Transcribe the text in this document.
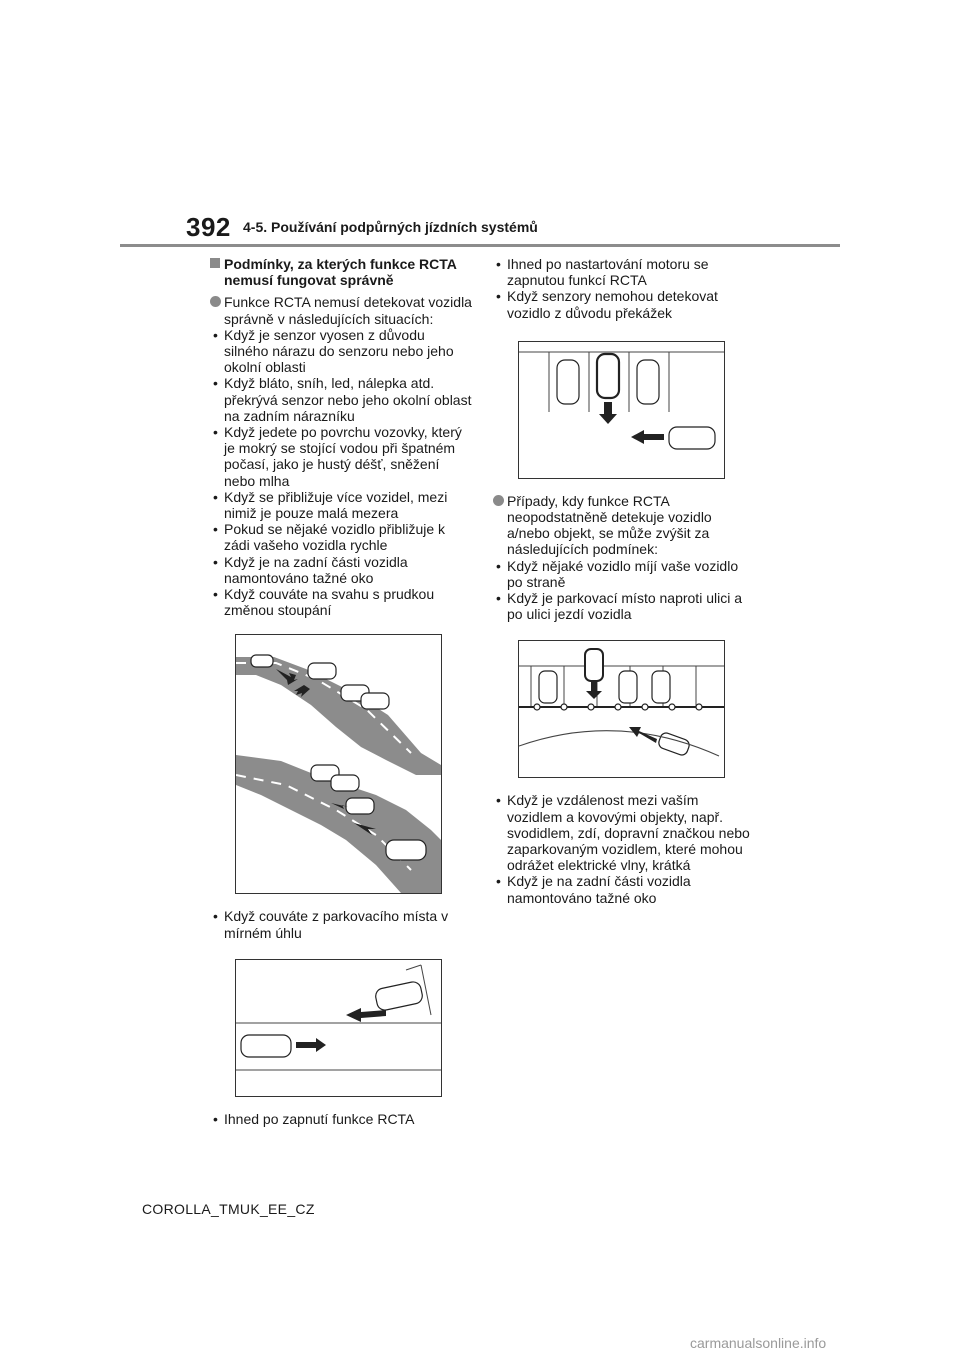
392 4-5. Používání podpůrných jízdních systémů
Podmínky, za kterých funkce RCTA nemusí fungovat správně
Funkce RCTA nemusí detekovat vozidla správně v následujících situacích:
• Když je senzor vyosen z důvodu silného nárazu do senzoru nebo jeho okolní oblasti
• Když bláto, sníh, led, nálepka atd. překrývá senzor nebo jeho okolní oblast na zadním nárazníku
• Když jedete po povrchu vozovky, který je mokrý se stojící vodou při špatném počasí, jako je hustý déšť, sněžení nebo mlha
• Když se přibližuje více vozidel, mezi nimiž je pouze malá mezera
• Pokud se nějaké vozidlo přibližuje k zádi vašeho vozidla rychle
• Když je na zadní části vozidla namontováno tažné oko
• Když couváte na svahu s prudkou změnou stoupání
• Když couváte z parkovacího místa v mírném úhlu
• Ihned po zapnutí funkce RCTA
• Ihned po nastartování motoru se zapnutou funkcí RCTA
• Když senzory nemohou detekovat vozidlo z důvodu překážek
Případy, kdy funkce RCTA neopodstatněně detekuje vozidlo a/nebo objekt, se může zvýšit za následujících podmínek:
• Když nějaké vozidlo míjí vaše vozidlo po straně
• Když je parkovací místo naproti ulici a po ulici jezdí vozidla
• Když je vzdálenost mezi vaším vozidlem a kovovými objekty, např. svodidlem, zdí, dopravní značkou nebo zaparkovaným vozidlem, které mohou odrážet elektrické vlny, krátká
• Když je na zadní části vozidla namontováno tažné oko
COROLLA_TMUK_EE_CZ
carmanualsonline.info
